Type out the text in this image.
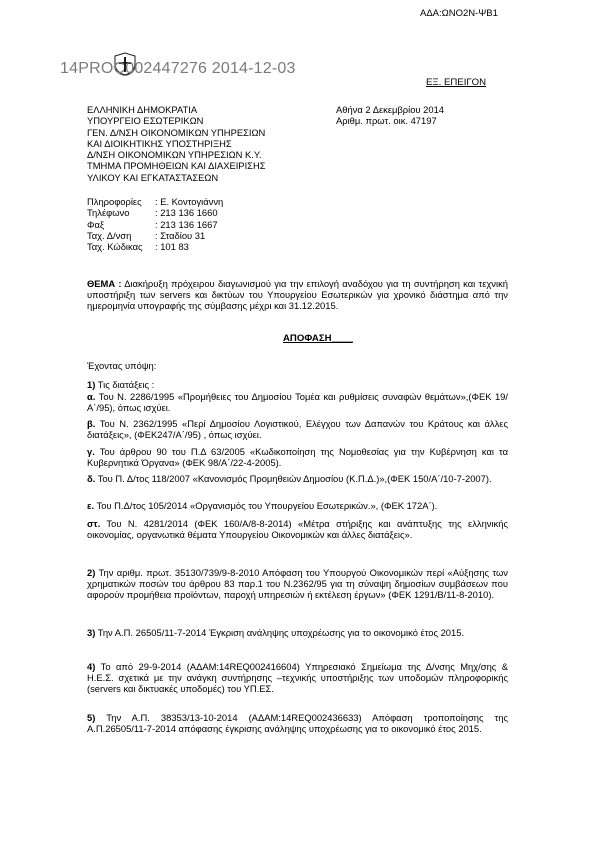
ΑΔΑ:ΩΝΟ2Ν-ΨΒ1
14PROC002447276 2014-12-03
ΕΞ. ΕΠΕΙΓΟΝ
ΕΛΛΗΝΙΚΗ ΔΗΜΟΚΡΑΤΙΑ
ΥΠΟΥΡΓΕΙΟ ΕΣΩΤΕΡΙΚΩΝ
ΓΕΝ. Δ/ΝΣΗ ΟΙΚΟΝΟΜΙΚΩΝ ΥΠΗΡΕΣΙΩΝ
ΚΑΙ ΔΙΟΙΚΗΤΙΚΗΣ ΥΠΟΣΤΗΡΙΞΗΣ
Δ/ΝΣΗ ΟΙΚΟΝΟΜΙΚΩΝ ΥΠΗΡΕΣΙΩΝ Κ.Υ.
ΤΜΗΜΑ ΠΡΟΜΗΘΕΙΩΝ ΚΑΙ ΔΙΑΧΕΙΡΙΣΗΣ
ΥΛΙΚΟΥ ΚΑΙ ΕΓΚΑΤΑΣΤΑΣΕΩΝ
Αθήνα 2 Δεκεμβρίου 2014
Αριθμ. πρωτ. οικ. 47197
Πληροφορίες	: Ε. Κοντογιάννη
Τηλέφωνο	: 213 136 1660
Φαξ	: 213 136 1667
Ταχ. Δ/νση	: Σταδίου 31
Ταχ. Κώδικας	: 101 83
ΘΕΜΑ : Διακήρυξη πρόχειρου διαγωνισμού για την επιλογή αναδόχου για τη συντήρηση και τεχνική υποστήριξη των servers και δικτύων του Υπουργείου Εσωτερικών για χρονικό διάστημα από την ημερομηνία υπογραφής της σύμβασης μέχρι και 31.12.2015.
ΑΠΟΦΑΣΗ ____
Έχοντας υπόψη:
1) Τις διατάξεις :
α. Του Ν. 2286/1995 «Προμήθειες του Δημοσίου Τομέα και ρυθμίσεις συναφών θεμάτων»,(ΦΕΚ 19/Α΄/95), όπως ισχύει.
β. Του Ν. 2362/1995 «Περί Δημοσίου Λογιστικού, Ελέγχου των Δαπανών του Κράτους και άλλες διατάξεις», (ΦΕΚ247/Α΄/95) , όπως ισχύει.
γ. Του άρθρου 90 του Π.Δ 63/2005 «Κωδικοποίηση της Νομοθεσίας για την Κυβέρνηση και τα Κυβερνητικά Όργανα» (ΦΕΚ 98/Α΄/22-4-2005).
δ. Του Π. Δ/τος 118/2007 «Κανονισμός Προμηθειών Δημοσίου (Κ.Π.Δ.)»,(ΦΕΚ 150/Α΄/10-7-2007).
ε. Του Π.Δ/τος 105/2014 «Οργανισμός του Υπουργείου Εσωτερικών.», (ΦΕΚ 172Α΄).
στ. Του Ν. 4281/2014 (ΦΕΚ 160/Α/8-8-2014) «Μέτρα στήριξης και ανάπτυξης της ελληνικής οικονομίας, οργανωτικά θέματα Υπουργείου Οικονομικών και άλλες διατάξεις».
2) Την αριθμ. πρωτ. 35130/739/9-8-2010 Απόφαση του Υπουργού Οικονομικών περί «Αύξησης των χρηματικών ποσών του άρθρου 83 παρ.1 του Ν.2362/95 για τη σύναψη δημοσίων συμβάσεων που αφορούν προμήθεια προϊόντων, παροχή υπηρεσιών ή εκτέλεση έργων» (ΦΕΚ 1291/Β/11-8-2010).
3) Την Α.Π. 26505/11-7-2014 Έγκριση ανάληψης υποχρέωσης για το οικονομικό έτος 2015.
4) Το από 29-9-2014 (ΑΔΑΜ:14REQ002416604) Υπηρεσιακό Σημείωμα της Δ/νσης Μηχ/σης & Η.Ε.Σ. σχετικά με την ανάγκη συντήρησης –τεχνικής υποστήριξης των υποδομών πληροφορικής (servers και δικτυακές υποδομές) του ΥΠ.ΕΣ.
5) Την Α.Π. 38353/13-10-2014 (ΑΔΑΜ:14REQ002436633) Απόφαση τροποποίησης της Α.Π.26505/11-7-2014 απόφασης έγκρισης ανάληψης υποχρέωσης για το οικονομικό έτος 2015.
